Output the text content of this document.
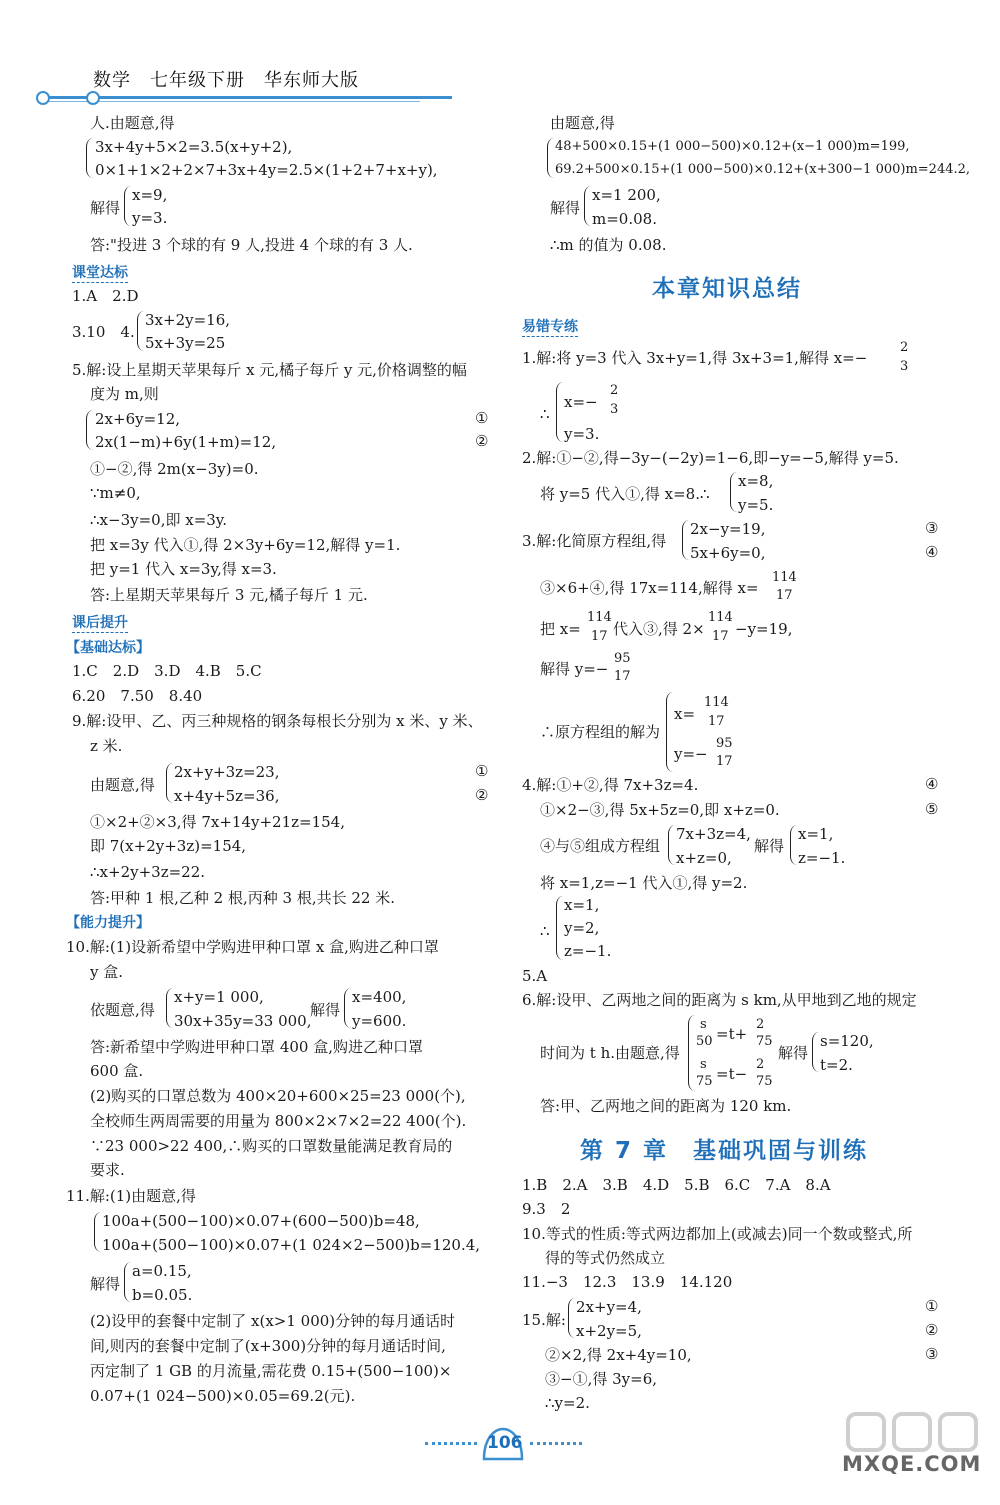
数学　七年级下册　华东师大版
人.由题意,得
3x+4y+5×2=3.5(x+y+2),
0×1+1×2+2×7+3x+4y=2.5×(1+2+7+x+y),
解得
x=9,
y=3.
答:"投进 3 个球的有 9 人,投进 4 个球的有 3 人.
课堂达标
1.A　2.D
3.10　4.
3x+2y=16,
5x+3y=25
5.解:设上星期天苹果每斤 x 元,橘子每斤 y 元,价格调整的幅
度为 m,则
2x+6y=12,
2x(1−m)+6y(1+m)=12,
①
②
①−②,得 2m(x−3y)=0.
∵m≠0,
∴x−3y=0,即 x=3y.
把 x=3y 代入①,得 2×3y+6y=12,解得 y=1.
把 y=1 代入 x=3y,得 x=3.
答:上星期天苹果每斤 3 元,橘子每斤 1 元.
课后提升
【基础达标】
1.C　2.D　3.D　4.B　5.C
6.20　7.50　8.40
9.解:设甲、乙、丙三种规格的钢条每根长分别为 x 米、y 米、
z 米.
由题意,得
2x+y+3z=23,
x+4y+5z=36,
①
②
①×2+②×3,得 7x+14y+21z=154,
即 7(x+2y+3z)=154,
∴x+2y+3z=22.
答:甲种 1 根,乙种 2 根,丙种 3 根,共长 22 米.
【能力提升】
10.解:(1)设新希望中学购进甲种口罩 x 盒,购进乙种口罩
y 盒.
依题意,得
x+y=1 000,
30x+35y=33 000,
解得
x=400,
y=600.
答:新希望中学购进甲种口罩 400 盒,购进乙种口罩
600 盒.
(2)购买的口罩总数为 400×20+600×25=23 000(个),
全校师生两周需要的用量为 800×2×7×2=22 400(个).
∵23 000>22 400,∴购买的口罩数量能满足教育局的
要求.
11.解:(1)由题意,得
100a+(500−100)×0.07+(600−500)b=48,
100a+(500−100)×0.07+(1 024×2−500)b=120.4,
解得
a=0.15,
b=0.05.
(2)设甲的套餐中定制了 x(x>1 000)分钟的每月通话时
间,则丙的套餐中定制了(x+300)分钟的每月通话时间,
丙定制了 1 GB 的月流量,需花费 0.15+(500−100)×
0.07+(1 024−500)×0.05=69.2(元).
由题意,得
48+500×0.15+(1 000−500)×0.12+(x−1 000)m=199,
69.2+500×0.15+(1 000−500)×0.12+(x+300−1 000)m=244.2,
解得
x=1 200,
m=0.08.
∴m 的值为 0.08.
本章知识总结
易错专练
1.解:将 y=3 代入 3x+y=1,得 3x+3=1,解得 x=−
2
3
∴
x=−
2
3
y=3.
2.解:①−②,得−3y−(−2y)=1−6,即−y=−5,解得 y=5.
将 y=5 代入①,得 x=8.∴
x=8,
y=5.
3.解:化简原方程组,得
2x−y=19,
5x+6y=0,
③
④
③×6+④,得 17x=114,解得 x=
114
17
把 x=
114
17 代入③,得 2×
114
17 −y=19,
解得 y=−
95
17
∴原方程组的解为
x=
114
17
y=−
95
17
4.解:①+②,得 7x+3z=4.	④
①×2−③,得 5x+5z=0,即 x+z=0.	⑤
④与⑤组成方程组
7x+3z=4,
x+z=0,
解得
x=1,
z=−1.
将 x=1,z=−1 代入①,得 y=2.
∴
x=1,
y=2,
z=−1.
5.A
6.解:设甲、乙两地之间的距离为 s km,从甲地到乙地的规定
时间为 t h.由题意,得
s
50 =t+
2
75
s
75 =t−
2
75
解得
s=120,
t=2.
答:甲、乙两地之间的距离为 120 km.
第 7 章　基础巩固与训练
1.B　2.A　3.B　4.D　5.B　6.C　7.A　8.A
9.3　2
10.等式的性质:等式两边都加上(或减去)同一个数或整式,所
得的等式仍然成立
11.−3　12.3　13.9　14.120
15.解:
2x+y=4,
x+2y=5,
①
②
②×2,得 2x+4y=10,	③
③−①,得 3y=6,
∴y=2.
106
MXQE.COM
